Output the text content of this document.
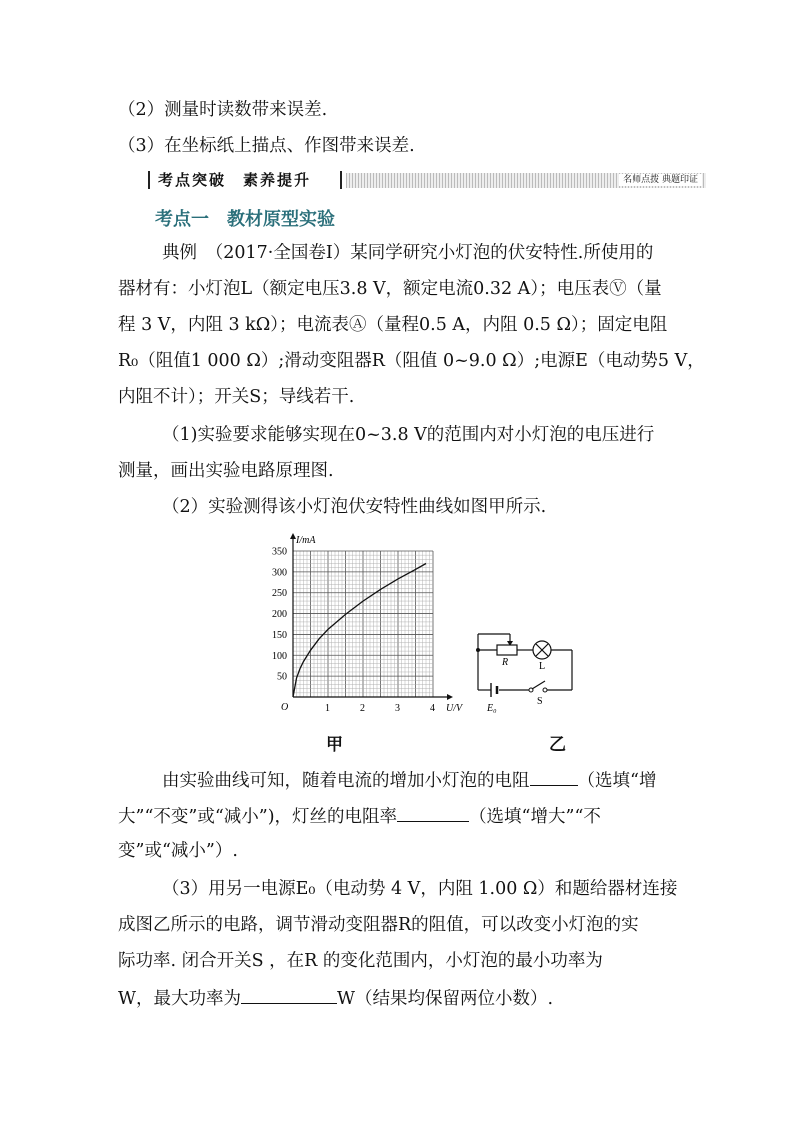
（2）测量时读数带来误差.
（3）在坐标纸上描点、作图带来误差.
考点突破　素养提升	名师点拨 典题印证
考点一　教材原型实验
典例　（2017·全国卷Ⅰ）某同学研究小灯泡的伏安特性.所使用的
器材有：小灯泡L（额定电压3.8 V，额定电流0.32 A）；电压表Ⓥ（量
程 3 V，内阻 3 kΩ）；电流表Ⓐ（量程0.5 A，内阻 0.5 Ω）；固定电阻
R₀（阻值1 000 Ω）;滑动变阻器R（阻值 0~9.0 Ω）;电源E（电动势5 V，
内阻不计）；开关S；导线若干.
（1)实验要求能够实现在0~3.8 V的范围内对小灯泡的电压进行
测量，画出实验电路原理图.
（2）实验测得该小灯泡伏安特性曲线如图甲所示.
1	2	3	4
50
100
150
200
250
300
350
O	U/V
I/mA
R	L
S
E₀
甲	乙
由实验曲线可知，随着电流的增加小灯泡的电阻	（选填“增
大”“不变”或“减小”)，灯丝的电阻率	（选填“增大”“不
变”或“减小”）.
（3）用另一电源E₀（电动势 4 V，内阻 1.00 Ω）和题给器材连接
成图乙所示的电路，调节滑动变阻器R的阻值，可以改变小灯泡的实
际功率. 闭合开关S ，在R 的变化范围内，小灯泡的最小功率为
W，最大功率为	W（结果均保留两位小数）.
